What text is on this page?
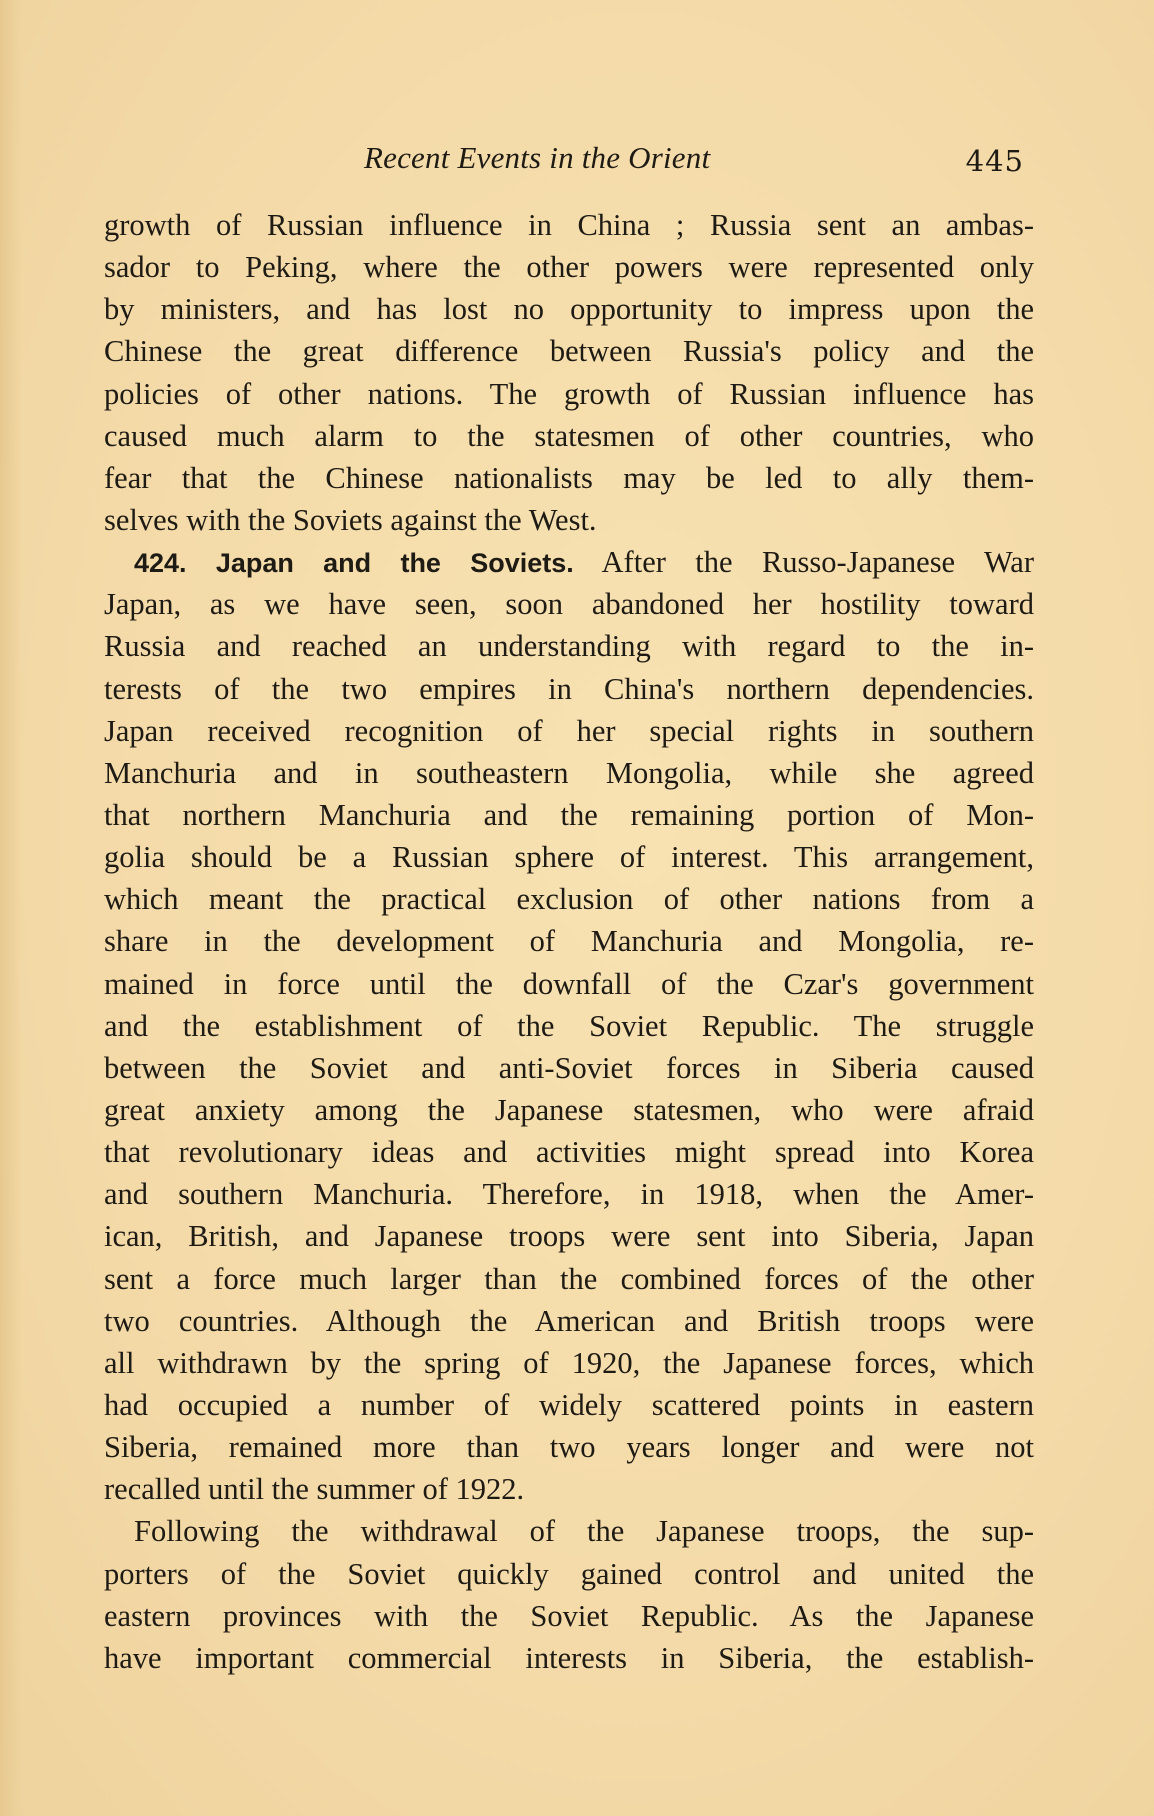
Recent Events in the Orient	445
growth of Russian influence in China ; Russia sent an ambas-
sador to Peking, where the other powers were represented only
by ministers, and has lost no opportunity to impress upon the
Chinese the great difference between Russia's policy and the
policies of other nations. The growth of Russian influence has
caused much alarm to the statesmen of other countries, who
fear that the Chinese nationalists may be led to ally them-
selves with the Soviets against the West.
424. Japan and the Soviets. After the Russo-Japanese War
Japan, as we have seen, soon abandoned her hostility toward
Russia and reached an understanding with regard to the in-
terests of the two empires in China's northern dependencies.
Japan received recognition of her special rights in southern
Manchuria and in southeastern Mongolia, while she agreed
that northern Manchuria and the remaining portion of Mon-
golia should be a Russian sphere of interest. This arrangement,
which meant the practical exclusion of other nations from a
share in the development of Manchuria and Mongolia, re-
mained in force until the downfall of the Czar's government
and the establishment of the Soviet Republic. The struggle
between the Soviet and anti-Soviet forces in Siberia caused
great anxiety among the Japanese statesmen, who were afraid
that revolutionary ideas and activities might spread into Korea
and southern Manchuria. Therefore, in 1918, when the Amer-
ican, British, and Japanese troops were sent into Siberia, Japan
sent a force much larger than the combined forces of the other
two countries. Although the American and British troops were
all withdrawn by the spring of 1920, the Japanese forces, which
had occupied a number of widely scattered points in eastern
Siberia, remained more than two years longer and were not
recalled until the summer of 1922.
Following the withdrawal of the Japanese troops, the sup-
porters of the Soviet quickly gained control and united the
eastern provinces with the Soviet Republic. As the Japanese
have important commercial interests in Siberia, the establish-
